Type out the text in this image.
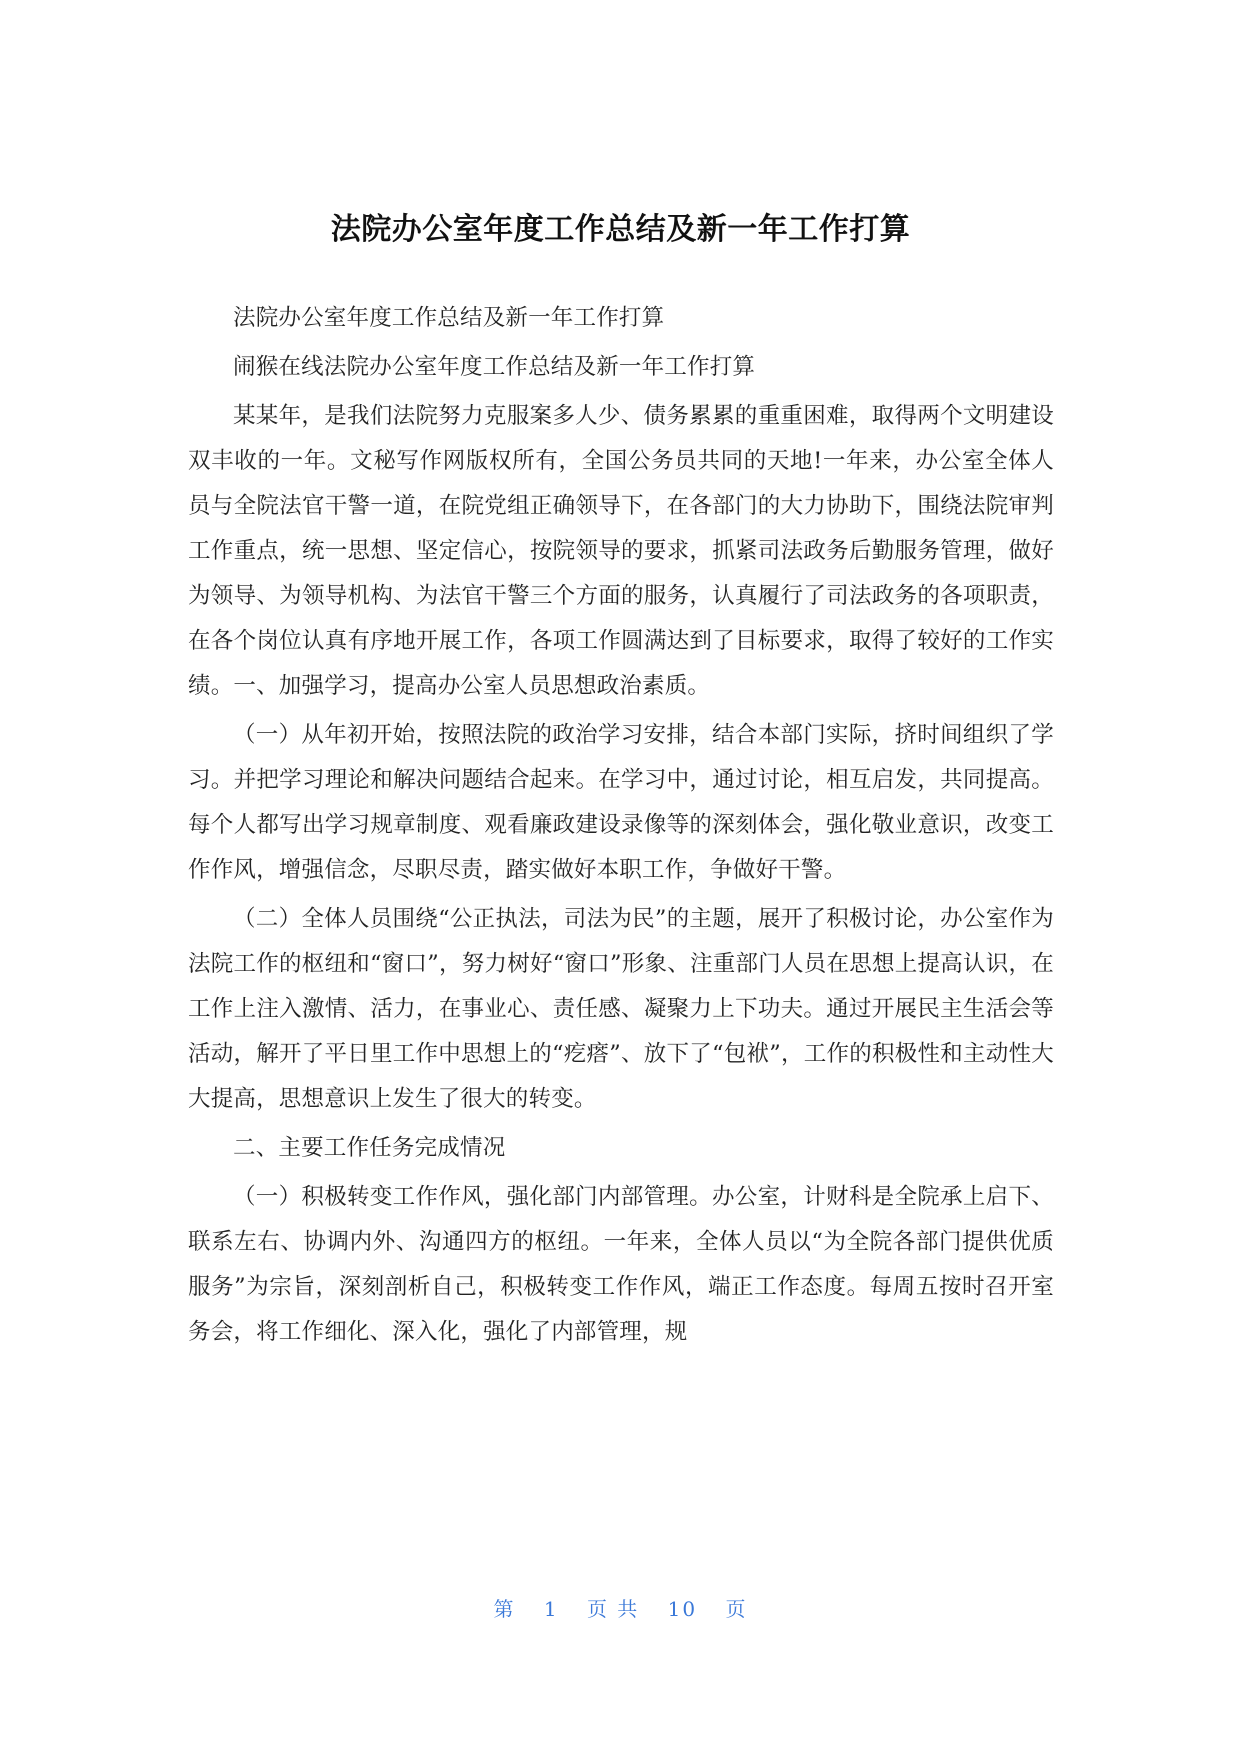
法院办公室年度工作总结及新一年工作打算

法院办公室年度工作总结及新一年工作打算

闹猴在线法院办公室年度工作总结及新一年工作打算

某某年，是我们法院努力克服案多人少、债务累累的重重困难，取得两个文明建设双丰收的一年。文秘写作网版权所有，全国公务员共同的天地!一年来，办公室全体人员与全院法官干警一道，在院党组正确领导下，在各部门的大力协助下，围绕法院审判工作重点，统一思想、坚定信心，按院领导的要求，抓紧司法政务后勤服务管理，做好为领导、为领导机构、为法官干警三个方面的服务，认真履行了司法政务的各项职责，在各个岗位认真有序地开展工作，各项工作圆满达到了目标要求，取得了较好的工作实绩。一、加强学习，提高办公室人员思想政治素质。

（一）从年初开始，按照法院的政治学习安排，结合本部门实际，挤时间组织了学习。并把学习理论和解决问题结合起来。在学习中，通过讨论，相互启发，共同提高。每个人都写出学习规章制度、观看廉政建设录像等的深刻体会，强化敬业意识，改变工作作风，增强信念，尽职尽责，踏实做好本职工作，争做好干警。

（二）全体人员围绕“公正执法，司法为民”的主题，展开了积极讨论，办公室作为法院工作的枢纽和“窗口”，努力树好“窗口”形象、注重部门人员在思想上提高认识，在工作上注入激情、活力，在事业心、责任感、凝聚力上下功夫。通过开展民主生活会等活动，解开了平日里工作中思想上的“疙瘩”、放下了“包袱”，工作的积极性和主动性大大提高，思想意识上发生了很大的转变。

二、主要工作任务完成情况

（一）积极转变工作作风，强化部门内部管理。办公室，计财科是全院承上启下、联系左右、协调内外、沟通四方的枢纽。一年来，全体人员以“为全院各部门提供优质服务”为宗旨，深刻剖析自己，积极转变工作作风，端正工作态度。每周五按时召开室务会，将工作细化、深入化，强化了内部管理，规

第 1 页 共 10 页
